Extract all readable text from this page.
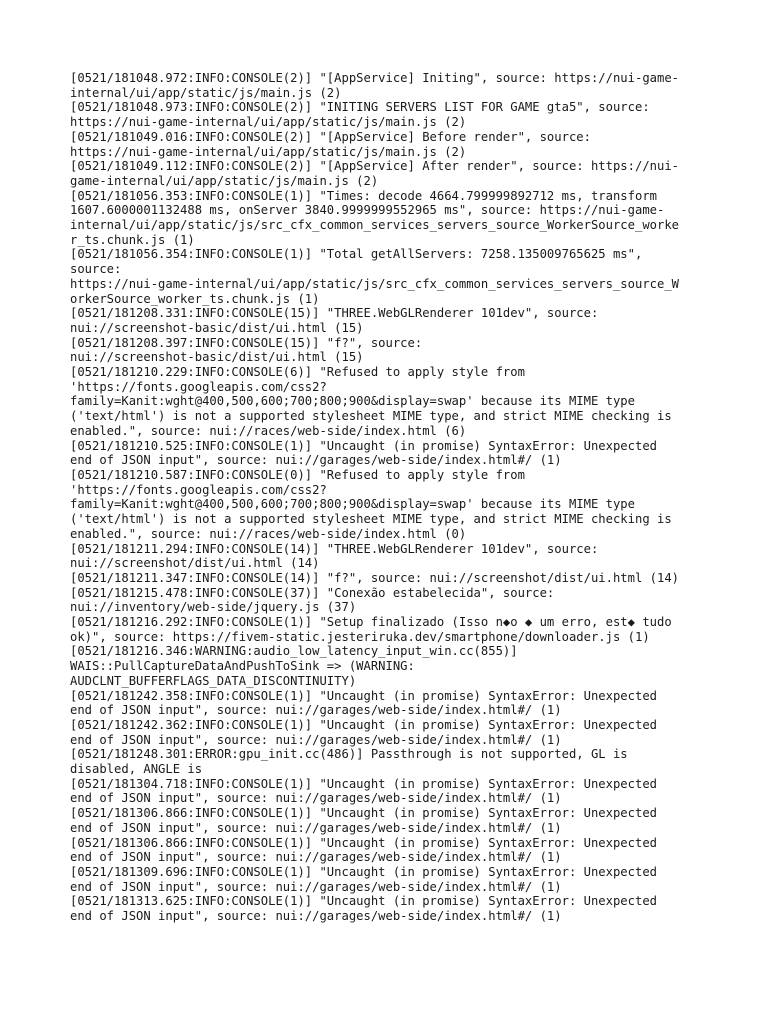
[0521/181048.972:INFO:CONSOLE(2)] "[AppService] Initing", source: https://nui-game-
internal/ui/app/static/js/main.js (2)
[0521/181048.973:INFO:CONSOLE(2)] "INITING SERVERS LIST FOR GAME gta5", source:
https://nui-game-internal/ui/app/static/js/main.js (2)
[0521/181049.016:INFO:CONSOLE(2)] "[AppService] Before render", source:
https://nui-game-internal/ui/app/static/js/main.js (2)
[0521/181049.112:INFO:CONSOLE(2)] "[AppService] After render", source: https://nui-
game-internal/ui/app/static/js/main.js (2)
[0521/181056.353:INFO:CONSOLE(1)] "Times: decode 4664.799999892712 ms, transform
1607.6000001132488 ms, onServer 3840.9999999552965 ms", source: https://nui-game-
internal/ui/app/static/js/src_cfx_common_services_servers_source_WorkerSource_worke
r_ts.chunk.js (1)
[0521/181056.354:INFO:CONSOLE(1)] "Total getAllServers: 7258.135009765625 ms",
source:
https://nui-game-internal/ui/app/static/js/src_cfx_common_services_servers_source_W
orkerSource_worker_ts.chunk.js (1)
[0521/181208.331:INFO:CONSOLE(15)] "THREE.WebGLRenderer 101dev", source:
nui://screenshot-basic/dist/ui.html (15)
[0521/181208.397:INFO:CONSOLE(15)] "f?", source:
nui://screenshot-basic/dist/ui.html (15)
[0521/181210.229:INFO:CONSOLE(6)] "Refused to apply style from
'https://fonts.googleapis.com/css2?
family=Kanit:wght@400,500,600;700;800;900&display=swap' because its MIME type
('text/html') is not a supported stylesheet MIME type, and strict MIME checking is
enabled.", source: nui://races/web-side/index.html (6)
[0521/181210.525:INFO:CONSOLE(1)] "Uncaught (in promise) SyntaxError: Unexpected
end of JSON input", source: nui://garages/web-side/index.html#/ (1)
[0521/181210.587:INFO:CONSOLE(0)] "Refused to apply style from
'https://fonts.googleapis.com/css2?
family=Kanit:wght@400,500,600;700;800;900&display=swap' because its MIME type
('text/html') is not a supported stylesheet MIME type, and strict MIME checking is
enabled.", source: nui://races/web-side/index.html (0)
[0521/181211.294:INFO:CONSOLE(14)] "THREE.WebGLRenderer 101dev", source:
nui://screenshot/dist/ui.html (14)
[0521/181211.347:INFO:CONSOLE(14)] "f?", source: nui://screenshot/dist/ui.html (14)
[0521/181215.478:INFO:CONSOLE(37)] "Conexão estabelecida", source:
nui://inventory/web-side/jquery.js (37)
[0521/181216.292:INFO:CONSOLE(1)] "Setup finalizado (Isso n◆o ◆ um erro, est◆ tudo
ok)", source: https://fivem-static.jesteriruka.dev/smartphone/downloader.js (1)
[0521/181216.346:WARNING:audio_low_latency_input_win.cc(855)]
WAIS::PullCaptureDataAndPushToSink => (WARNING:
AUDCLNT_BUFFERFLAGS_DATA_DISCONTINUITY)
[0521/181242.358:INFO:CONSOLE(1)] "Uncaught (in promise) SyntaxError: Unexpected
end of JSON input", source: nui://garages/web-side/index.html#/ (1)
[0521/181242.362:INFO:CONSOLE(1)] "Uncaught (in promise) SyntaxError: Unexpected
end of JSON input", source: nui://garages/web-side/index.html#/ (1)
[0521/181248.301:ERROR:gpu_init.cc(486)] Passthrough is not supported, GL is
disabled, ANGLE is
[0521/181304.718:INFO:CONSOLE(1)] "Uncaught (in promise) SyntaxError: Unexpected
end of JSON input", source: nui://garages/web-side/index.html#/ (1)
[0521/181306.866:INFO:CONSOLE(1)] "Uncaught (in promise) SyntaxError: Unexpected
end of JSON input", source: nui://garages/web-side/index.html#/ (1)
[0521/181306.866:INFO:CONSOLE(1)] "Uncaught (in promise) SyntaxError: Unexpected
end of JSON input", source: nui://garages/web-side/index.html#/ (1)
[0521/181309.696:INFO:CONSOLE(1)] "Uncaught (in promise) SyntaxError: Unexpected
end of JSON input", source: nui://garages/web-side/index.html#/ (1)
[0521/181313.625:INFO:CONSOLE(1)] "Uncaught (in promise) SyntaxError: Unexpected
end of JSON input", source: nui://garages/web-side/index.html#/ (1)
